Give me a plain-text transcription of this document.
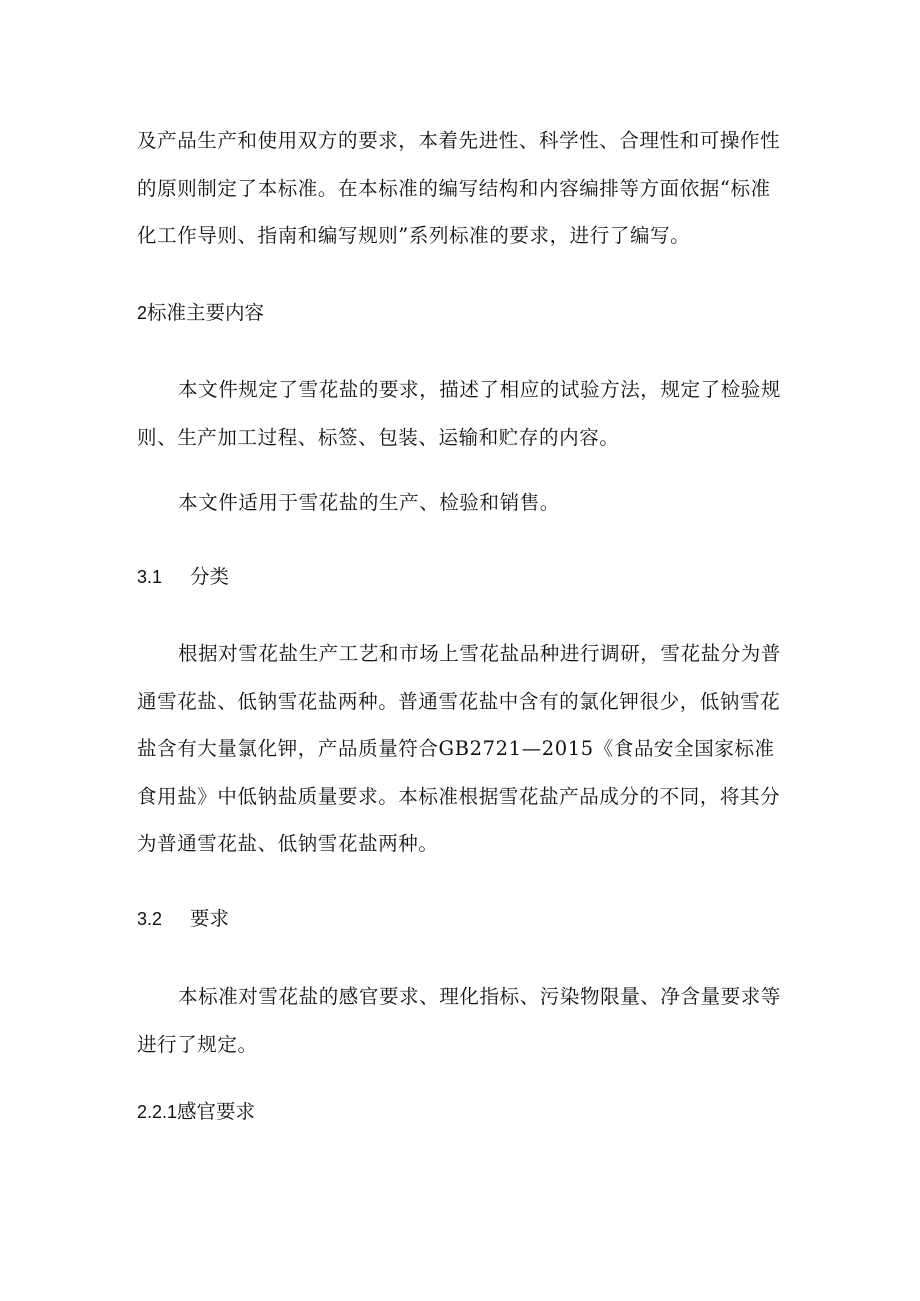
及产品生产和使用双方的要求，本着先进性、科学性、合理性和可操作性的原则制定了本标准。在本标准的编写结构和内容编排等方面依据“标准化工作导则、指南和编写规则”系列标准的要求，进行了编写。

2标准主要内容

本文件规定了雪花盐的要求，描述了相应的试验方法，规定了检验规则、生产加工过程、标签、包装、运输和贮存的内容。

本文件适用于雪花盐的生产、检验和销售。

3.1 分类

根据对雪花盐生产工艺和市场上雪花盐品种进行调研，雪花盐分为普通雪花盐、低钠雪花盐两种。普通雪花盐中含有的氯化钾很少，低钠雪花盐含有大量氯化钾，产品质量符合GB2721—2015《食品安全国家标准食用盐》中低钠盐质量要求。本标准根据雪花盐产品成分的不同，将其分为普通雪花盐、低钠雪花盐两种。

3.2 要求

本标准对雪花盐的感官要求、理化指标、污染物限量、净含量要求等进行了规定。

2.2.1感官要求
